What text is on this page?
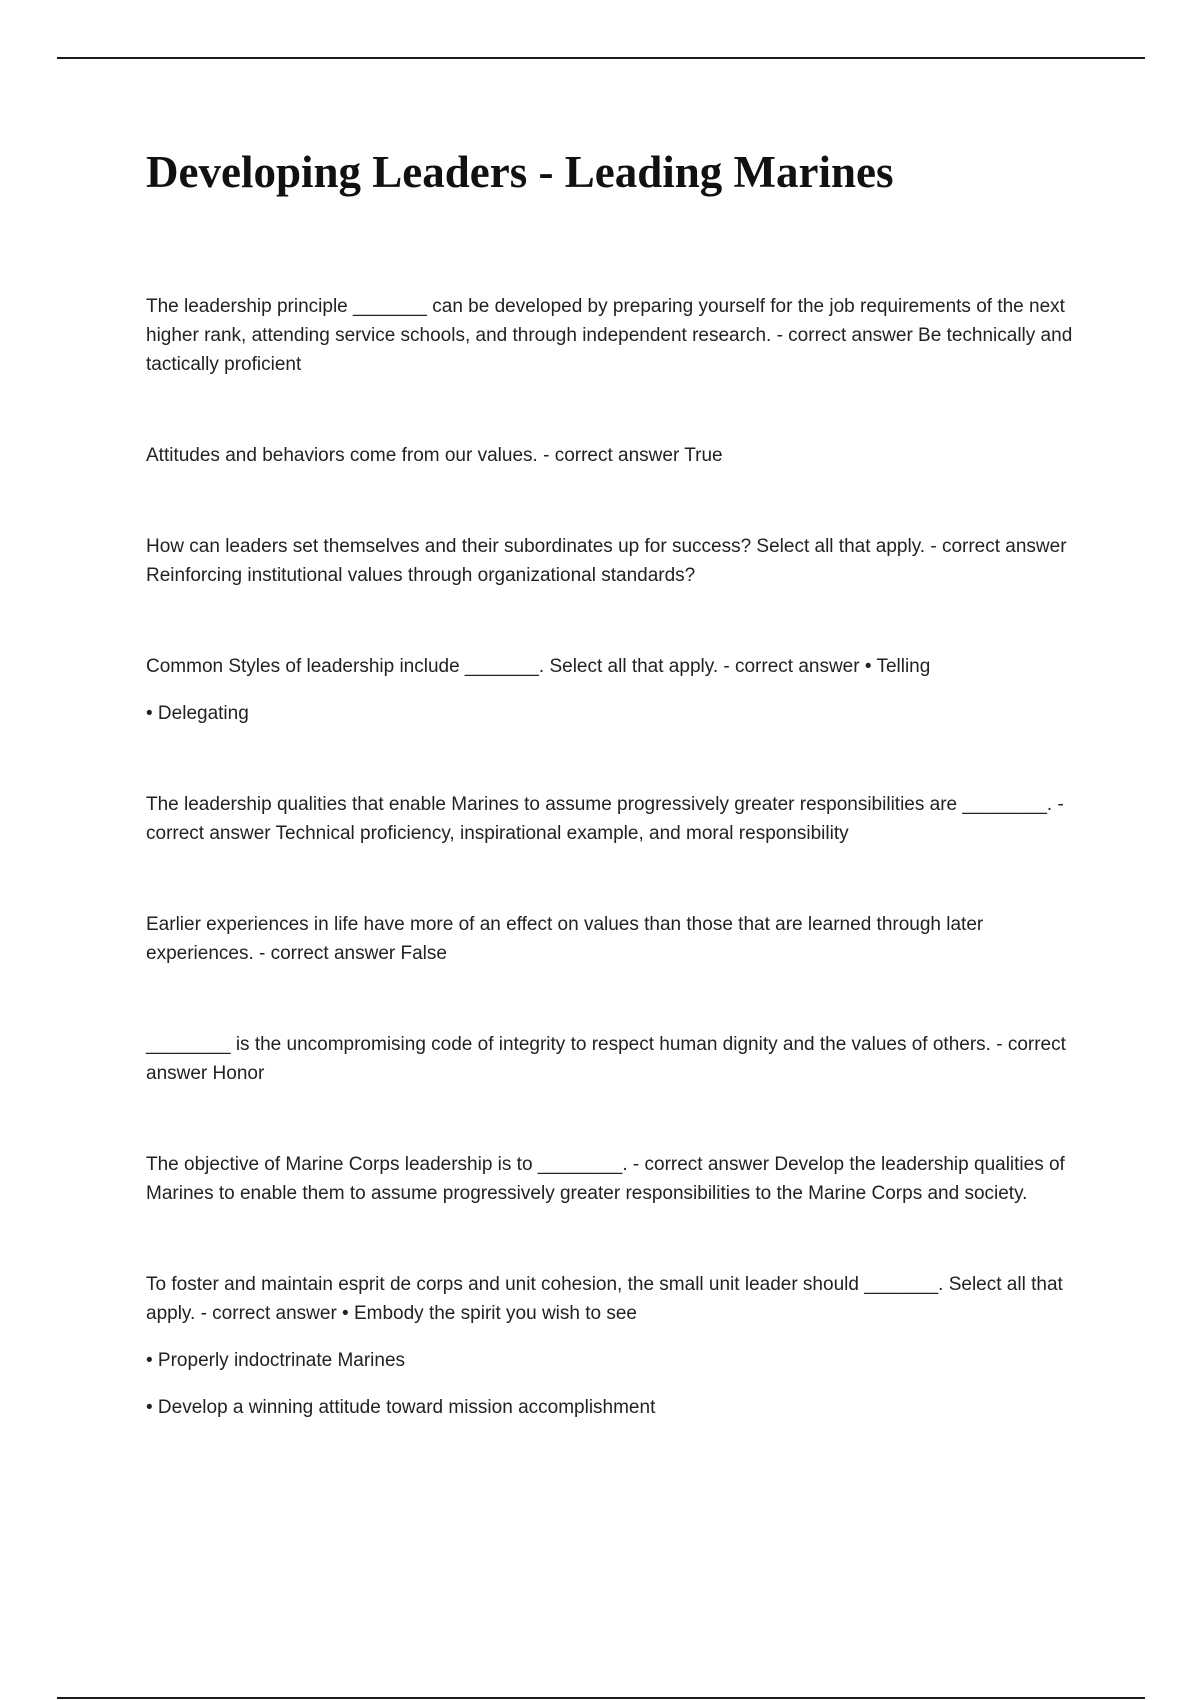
Developing Leaders - Leading Marines

The leadership principle _______ can be developed by preparing yourself for the job requirements of the next higher rank, attending service schools, and through independent research. - correct answer Be technically and tactically proficient

Attitudes and behaviors come from our values. - correct answer True

How can leaders set themselves and their subordinates up for success? Select all that apply. - correct answer Reinforcing institutional values through organizational standards?

Common Styles of leadership include _______. Select all that apply. - correct answer • Telling

• Delegating

The leadership qualities that enable Marines to assume progressively greater responsibilities are ________. - correct answer Technical proficiency, inspirational example, and moral responsibility

Earlier experiences in life have more of an effect on values than those that are learned through later experiences. - correct answer False

________ is the uncompromising code of integrity to respect human dignity and the values of others. - correct answer Honor

The objective of Marine Corps leadership is to ________. - correct answer Develop the leadership qualities of Marines to enable them to assume progressively greater responsibilities to the Marine Corps and society.

To foster and maintain esprit de corps and unit cohesion, the small unit leader should _______. Select all that apply. - correct answer • Embody the spirit you wish to see

• Properly indoctrinate Marines

• Develop a winning attitude toward mission accomplishment
